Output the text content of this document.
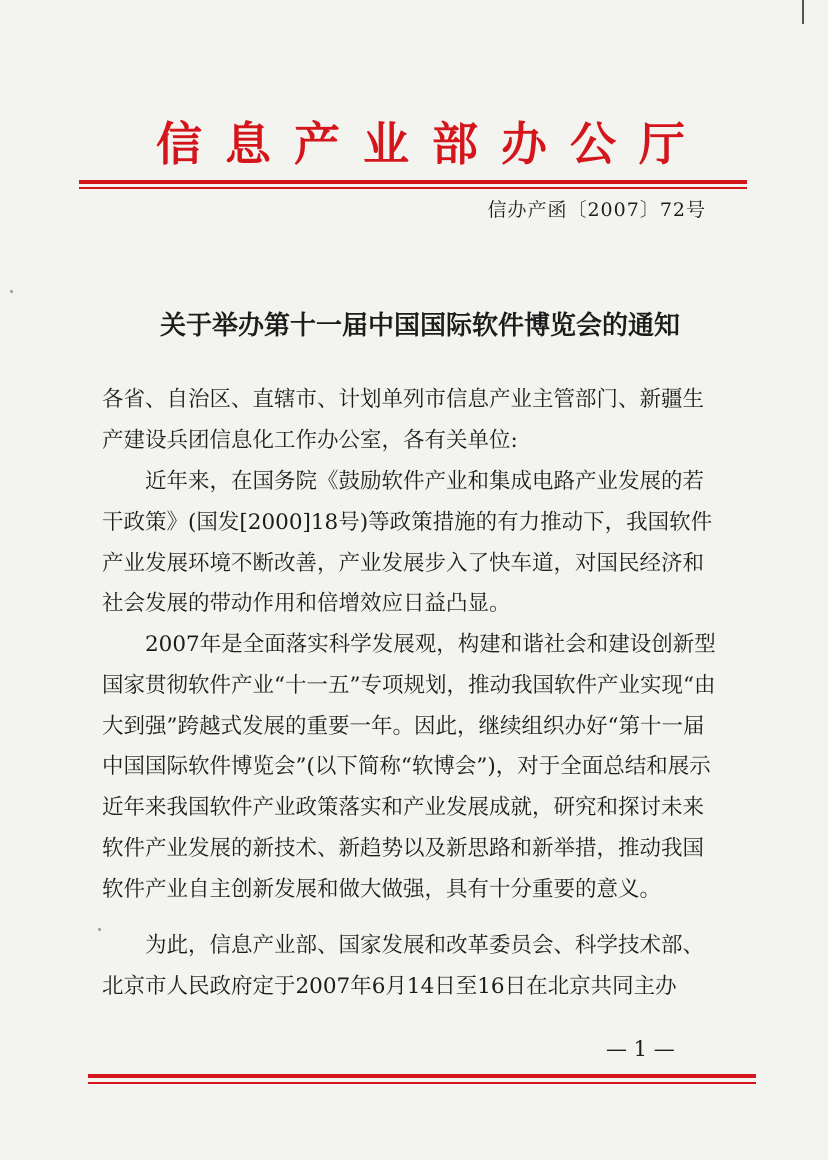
信息产业部办公厅
信办产函〔2007〕72号
关于举办第十一届中国国际软件博览会的通知

各省、自治区、直辖市、计划单列市信息产业主管部门、新疆生产建设兵团信息化工作办公室，各有关单位:

近年来，在国务院《鼓励软件产业和集成电路产业发展的若干政策》(国发[2000]18号)等政策措施的有力推动下，我国软件产业发展环境不断改善，产业发展步入了快车道，对国民经济和社会发展的带动作用和倍增效应日益凸显。

2007年是全面落实科学发展观，构建和谐社会和建设创新型国家贯彻软件产业“十一五”专项规划，推动我国软件产业实现“由大到强”跨越式发展的重要一年。因此，继续组织办好“第十一届中国国际软件博览会”(以下简称“软博会”)，对于全面总结和展示近年来我国软件产业政策落实和产业发展成就，研究和探讨未来软件产业发展的新技术、新趋势以及新思路和新举措，推动我国软件产业自主创新发展和做大做强，具有十分重要的意义。

为此，信息产业部、国家发展和改革委员会、科学技术部、北京市人民政府定于2007年6月14日至16日在北京共同主办

— 1 —
